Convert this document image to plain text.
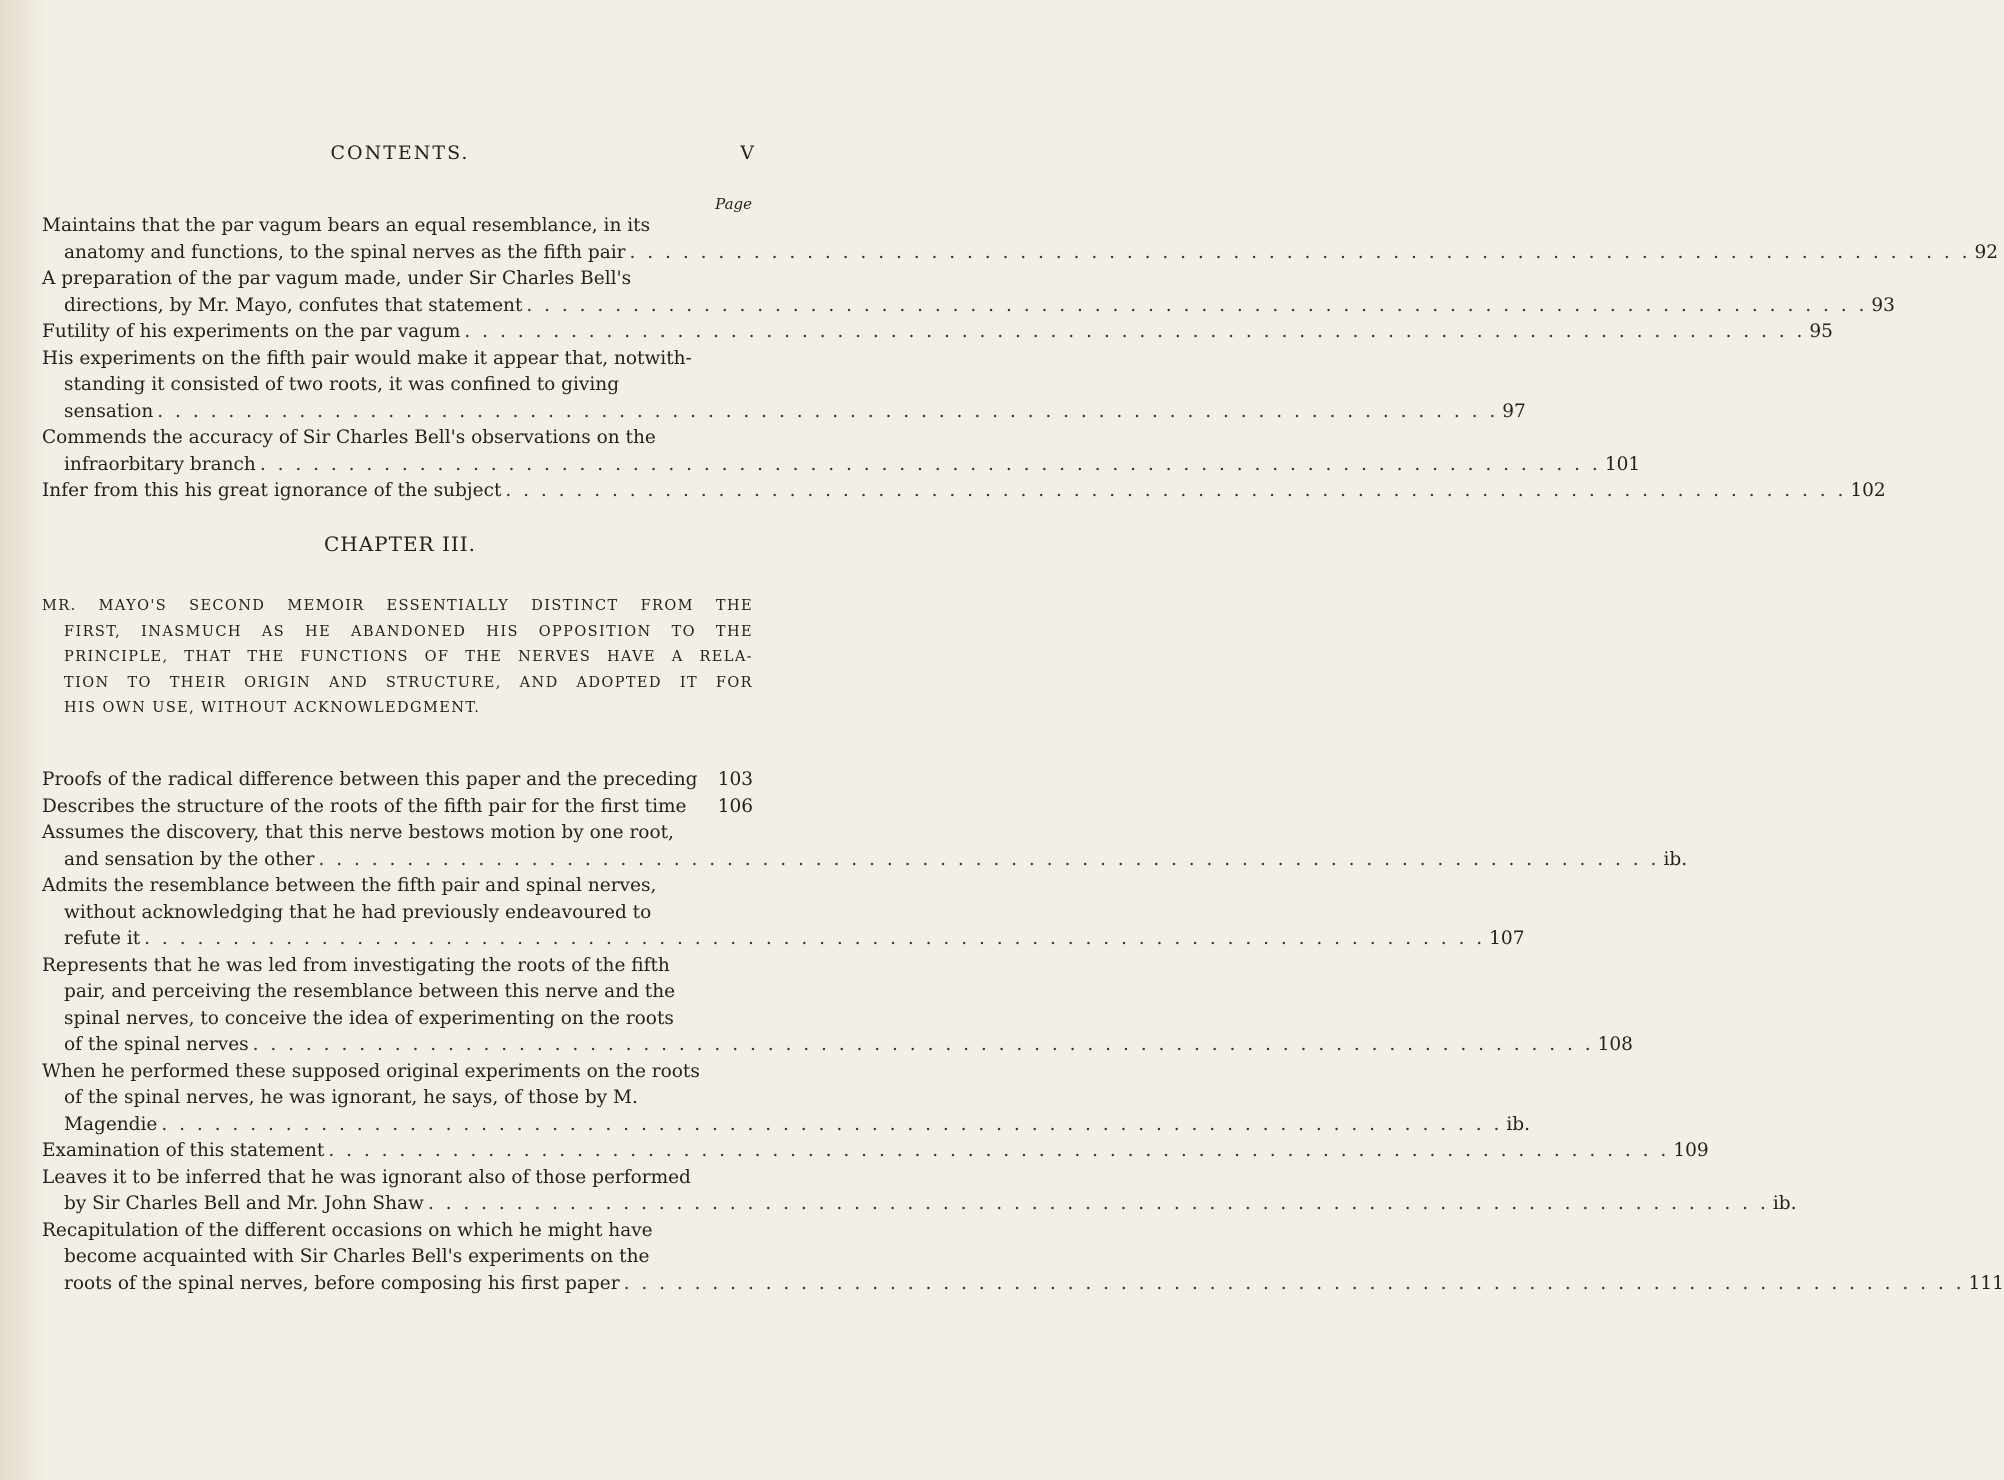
CONTENTS.	V
Page
Maintains that the par vagum bears an equal resemblance, in its
anatomy and functions, to the spinal nerves as the fifth pair . . . . . . . . . . . . . . . . . . . . . . . . . . . . . . . . . . . . . . . . . . . . . . . . . . . . . . . . . . . . . . . . . . . . . . . . . . . . 92
A preparation of the par vagum made, under Sir Charles Bell's
directions, by Mr. Mayo, confutes that statement . . . . . . . . . . . . . . . . . . . . . . . . . . . . . . . . . . . . . . . . . . . . . . . . . . . . . . . . . . . . . . . . . . . . . . . . . . . . 93
Futility of his experiments on the par vagum . . . . . . . . . . . . . . . . . . . . . . . . . . . . . . . . . . . . . . . . . . . . . . . . . . . . . . . . . . . . . . . . . . . . . . . . . . . . 95
His experiments on the fifth pair would make it appear that, notwith-
standing it consisted of two roots, it was confined to giving
sensation . . . . . . . . . . . . . . . . . . . . . . . . . . . . . . . . . . . . . . . . . . . . . . . . . . . . . . . . . . . . . . . . . . . . . . . . . . . . 97
Commends the accuracy of Sir Charles Bell's observations on the
infraorbitary branch . . . . . . . . . . . . . . . . . . . . . . . . . . . . . . . . . . . . . . . . . . . . . . . . . . . . . . . . . . . . . . . . . . . . . . . . . . . . 101
Infer from this his great ignorance of the subject . . . . . . . . . . . . . . . . . . . . . . . . . . . . . . . . . . . . . . . . . . . . . . . . . . . . . . . . . . . . . . . . . . . . . . . . . . . . 102
CHAPTER III.
MR. MAYO'S SECOND MEMOIR ESSENTIALLY DISTINCT FROM THE
FIRST, INASMUCH AS HE ABANDONED HIS OPPOSITION TO THE
PRINCIPLE, THAT THE FUNCTIONS OF THE NERVES HAVE A RELA-
TION TO THEIR ORIGIN AND STRUCTURE, AND ADOPTED IT FOR
HIS OWN USE, WITHOUT ACKNOWLEDGMENT.
Proofs of the radical difference between this paper and the preceding 103
Describes the structure of the roots of the fifth pair for the first time 106
Assumes the discovery, that this nerve bestows motion by one root,
and sensation by the other . . . . . . . . . . . . . . . . . . . . . . . . . . . . . . . . . . . . . . . . . . . . . . . . . . . . . . . . . . . . . . . . . . . . . . . . . . . . ib.
Admits the resemblance between the fifth pair and spinal nerves,
without acknowledging that he had previously endeavoured to
refute it . . . . . . . . . . . . . . . . . . . . . . . . . . . . . . . . . . . . . . . . . . . . . . . . . . . . . . . . . . . . . . . . . . . . . . . . . . . . 107
Represents that he was led from investigating the roots of the fifth
pair, and perceiving the resemblance between this nerve and the
spinal nerves, to conceive the idea of experimenting on the roots
of the spinal nerves . . . . . . . . . . . . . . . . . . . . . . . . . . . . . . . . . . . . . . . . . . . . . . . . . . . . . . . . . . . . . . . . . . . . . . . . . . . . 108
When he performed these supposed original experiments on the roots
of the spinal nerves, he was ignorant, he says, of those by M.
Magendie . . . . . . . . . . . . . . . . . . . . . . . . . . . . . . . . . . . . . . . . . . . . . . . . . . . . . . . . . . . . . . . . . . . . . . . . . . . . ib.
Examination of this statement . . . . . . . . . . . . . . . . . . . . . . . . . . . . . . . . . . . . . . . . . . . . . . . . . . . . . . . . . . . . . . . . . . . . . . . . . . . . 109
Leaves it to be inferred that he was ignorant also of those performed
by Sir Charles Bell and Mr. John Shaw . . . . . . . . . . . . . . . . . . . . . . . . . . . . . . . . . . . . . . . . . . . . . . . . . . . . . . . . . . . . . . . . . . . . . . . . . . . . ib.
Recapitulation of the different occasions on which he might have
become acquainted with Sir Charles Bell's experiments on the
roots of the spinal nerves, before composing his first paper . . . . . . . . . . . . . . . . . . . . . . . . . . . . . . . . . . . . . . . . . . . . . . . . . . . . . . . . . . . . . . . . . . . . . . . . . . . . 111
